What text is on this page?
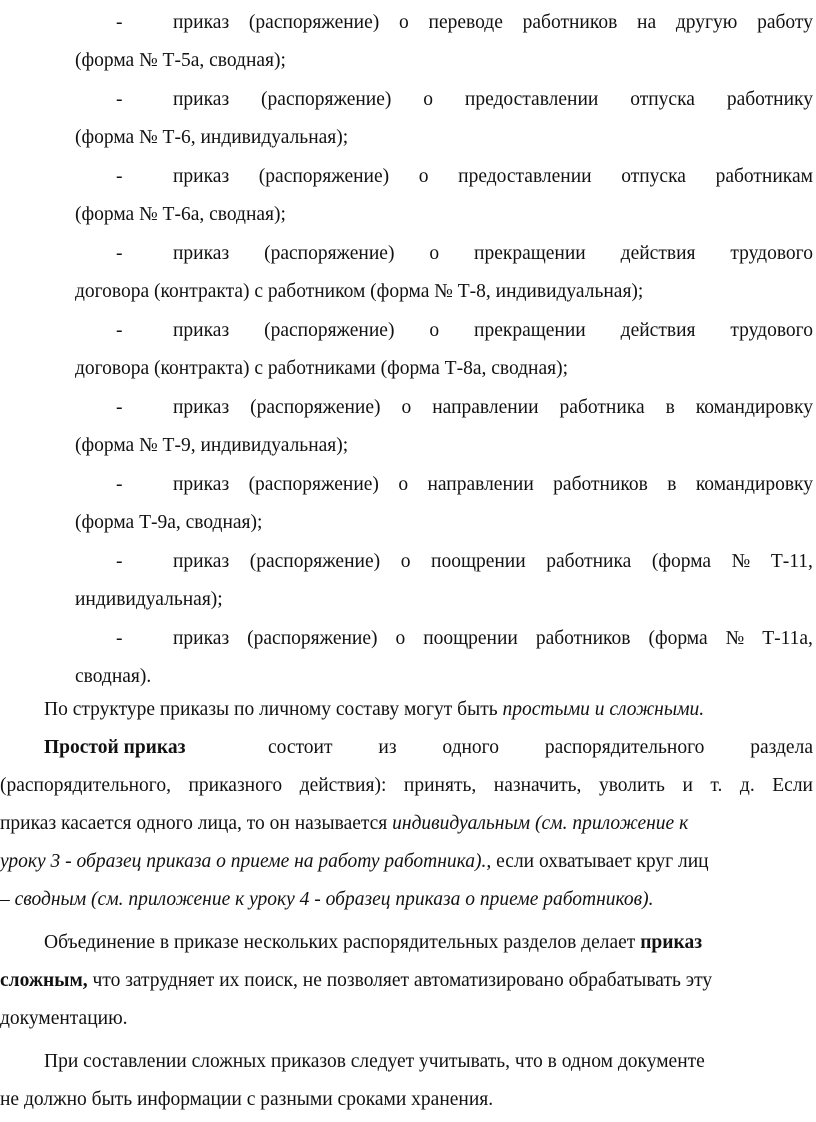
-	приказ (распоряжение) о переводе работников на другую работу
(форма № Т-5а, сводная);
-	приказ (распоряжение) о предоставлении отпуска работнику
(форма № Т-6, индивидуальная);
-	приказ (распоряжение) о предоставлении отпуска работникам
(форма № Т-6а, сводная);
-	приказ (распоряжение) о прекращении действия трудового
договора (контракта) с работником (форма № Т-8, индивидуальная);
-	приказ (распоряжение) о прекращении действия трудового
договора (контракта) с работниками (форма Т-8а, сводная);
-	приказ (распоряжение) о направлении работника в командировку
(форма № Т-9, индивидуальная);
-	приказ (распоряжение) о направлении работников в командировку
(форма Т-9а, сводная);
-	приказ (распоряжение) о поощрении работника (форма № Т-11,
индивидуальная);
-	приказ (распоряжение) о поощрении работников (форма № Т-11а,
сводная).
По структуре приказы по личному составу могут быть простыми и сложными.
Простой приказ	состоит из одного распорядительного раздела
(распорядительного, приказного действия): принять, назначить, уволить и т. д. Если
приказ касается одного лица, то он называется индивидуальным (см. приложение к
уроку 3 - образец приказа о приеме на работу работника)., если охватывает круг лиц
– сводным (см. приложение к уроку 4 - образец приказа о приеме работников).
Объединение в приказе нескольких распорядительных разделов делает приказ
сложным, что затрудняет их поиск, не позволяет автоматизировано обрабатывать эту
документацию.
При составлении сложных приказов следует учитывать, что в одном документе
не должно быть информации с разными сроками хранения.
